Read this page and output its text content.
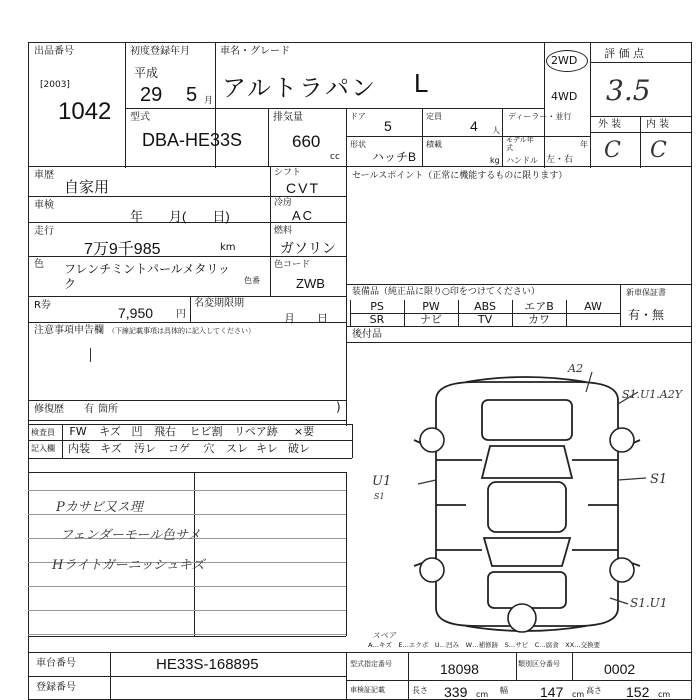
出品番号
[2003]
1042
初度登録年月
平成
29 5 月
車名・グレード
アルトラパン L
2WD
4WD
評 価 点
3.5
外 装 内 装
C C
型式
DBA-HE33S
排気量
660
cc
ドア
5
定員
4 人
形状
ハッチB
積載
kg
ディーラー・並行
モデル年式	年
ハンドル 左・右
車歴
自家用
シフト
CVT
車検
年　　月(　　日)
冷房
AC
走行
7万9千985	km
燃料
ガソリン
色 フレンチミントパールメタリック	色番
色コード
ZWB
R券	7,950 円
名変期限期
月　　日
注意事項申告欄 （下線記載事項は具体的に記入してください）
修復歴 有 箇所	)
セールスポイント（正常に機能するものに限ります）
装備品（純正品に限り○印をつけてください）	新車保証書
有・無
PS	PW	ABS	エアB	AW
SR	ナビ	TV	カワ
後付品
検査員
記入欄
FW	キズ 凹	飛右	ヒビ割	リペア跡	×要
内装 キズ	汚レ	コゲ	穴	スレ キレ 破レ
Pカサビ又ス理
フェンダーモール色サメ
Hライトガーニッシュキズ
A2
S1.U1.A2Y
U1
S1
S1
S1.U1
スペア
A…キズ　E…エクボ　U…凹み　W…補修跡　S…サビ　C…腐食　XX…交換要
車台番号	HE33S-168895
登録番号
型式指定番号	18098	類別区分番号	0002
車検証記載	長さ 339 cm 幅 147 cm 高さ 152 cm
